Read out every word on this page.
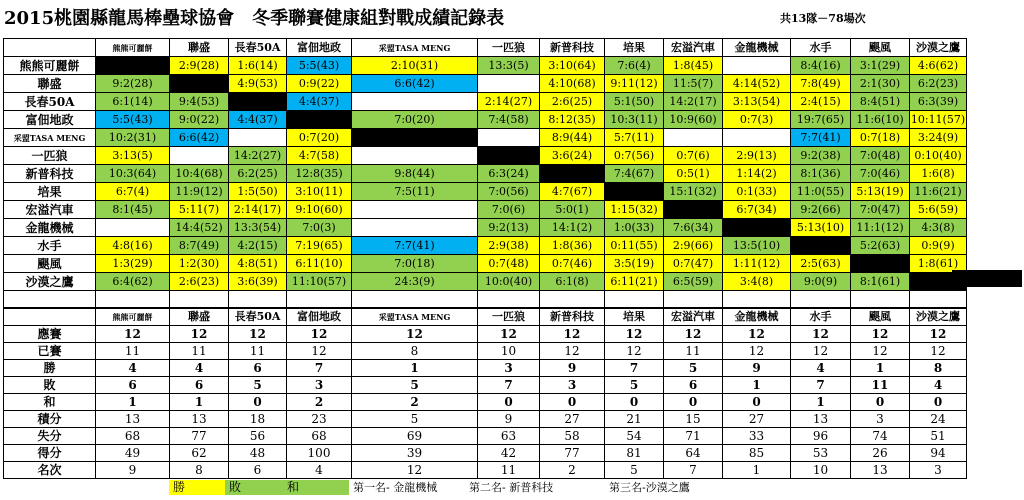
2015桃園縣龍馬棒壘球協會　冬季聯賽健康組對戰成績記錄表	共13隊－78場次
	熊熊可麗餅	聯盛	長春50A	富佃地政	采盟TASA MENG	一匹狼	新普科技	培果	宏溢汽車	金龍機械	水手	颶風	沙漠之鷹
熊熊可麗餅		2:9(28)	1:6(14)	5:5(43)	2:10(31)	13:3(5)	3:10(64)	7:6(4)	1:8(45)		8:4(16)	3:1(29)	4:6(62)
聯盛	9:2(28)		4:9(53)	0:9(22)	6:6(42)		4:10(68)	9:11(12)	11:5(7)	4:14(52)	7:8(49)	2:1(30)	6:2(23)
長春50A	6:1(14)	9:4(53)		4:4(37)		2:14(27)	2:6(25)	5:1(50)	14:2(17)	3:13(54)	2:4(15)	8:4(51)	6:3(39)
富佃地政	5:5(43)	9:0(22)	4:4(37)		7:0(20)	7:4(58)	8:12(35)	10:3(11)	10:9(60)	0:7(3)	19:7(65)	11:6(10)	10:11(57)
采盟TASA MENG	10:2(31)	6:6(42)		0:7(20)			8:9(44)	5:7(11)			7:7(41)	0:7(18)	3:24(9)
一匹狼	3:13(5)		14:2(27)	4:7(58)			3:6(24)	0:7(56)	0:7(6)	2:9(13)	9:2(38)	7:0(48)	0:10(40)
新普科技	10:3(64)	10:4(68)	6:2(25)	12:8(35)	9:8(44)	6:3(24)		7:4(67)	0:5(1)	1:14(2)	8:1(36)	7:0(46)	1:6(8)
培果	6:7(4)	11:9(12)	1:5(50)	3:10(11)	7:5(11)	7:0(56)	4:7(67)		15:1(32)	0:1(33)	11:0(55)	5:13(19)	11:6(21)
宏溢汽車	8:1(45)	5:11(7)	2:14(17)	9:10(60)		7:0(6)	5:0(1)	1:15(32)		6:7(34)	9:2(66)	7:0(47)	5:6(59)
金龍機械		14:4(52)	13:3(54)	7:0(3)		9:2(13)	14:1(2)	1:0(33)	7:6(34)		5:13(10)	11:1(12)	4:3(8)
水手	4:8(16)	8:7(49)	4:2(15)	7:19(65)	7:7(41)	2:9(38)	1:8(36)	0:11(55)	2:9(66)	13:5(10)		5:2(63)	0:9(9)
颶風	1:3(29)	1:2(30)	4:8(51)	6:11(10)	7:0(18)	0:7(48)	0:7(46)	3:5(19)	0:7(47)	1:11(12)	2:5(63)		1:8(61)
沙漠之鷹	6:4(62)	2:6(23)	3:6(39)	11:10(57)	24:3(9)	10:0(40)	6:1(8)	6:11(21)	6:5(59)	3:4(8)	9:0(9)	8:1(61)	

	熊熊可麗餅	聯盛	長春50A	富佃地政	采盟TASA MENG	一匹狼	新普科技	培果	宏溢汽車	金龍機械	水手	颶風	沙漠之鷹
應賽	12	12	12	12	12	12	12	12	12	12	12	12	12
已賽	11	11	11	12	8	10	12	12	11	12	12	12	12
勝	4	4	6	7	1	3	9	7	5	9	4	1	8
敗	6	6	5	3	5	7	3	5	6	1	7	11	4
和	1	1	0	2	2	0	0	0	0	0	1	0	0
積分	13	13	18	23	5	9	27	21	15	27	13	3	24
失分	68	77	56	68	69	63	58	54	71	33	96	74	51
得分	49	62	48	100	39	42	77	81	64	85	53	26	94
名次	9	8	6	4	12	11	2	5	7	1	10	13	3
勝	敗	和	第一名- 金龍機械	第二名- 新普科技	第三名-沙漠之鷹
